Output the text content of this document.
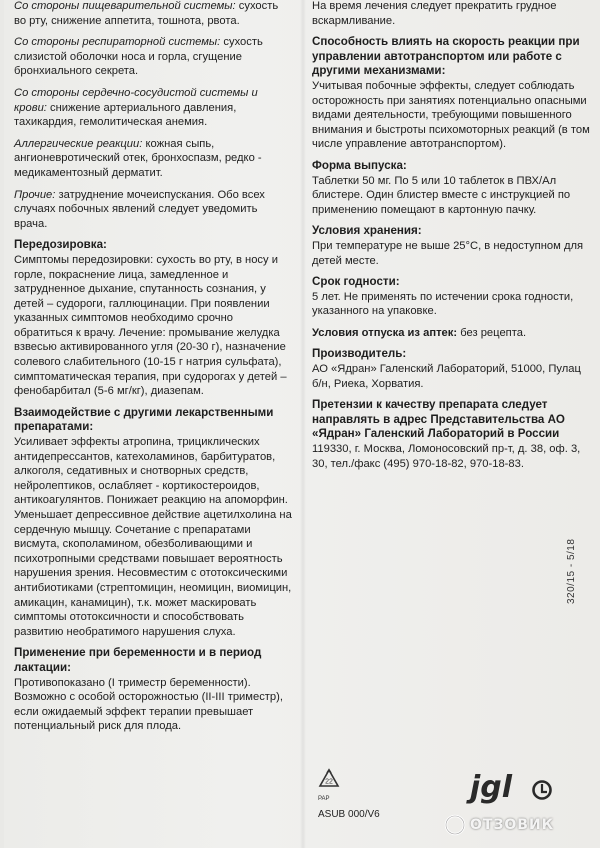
Со стороны пищеварительной системы: сухость во рту, снижение аппетита, тошнота, рвота.

Со стороны респираторной системы: сухость слизистой оболочки носа и горла, сгущение бронхиального секрета.

Со стороны сердечно-сосудистой системы и крови: снижение артериального давления, тахикардия, гемолитическая анемия.

Аллергические реакции: кожная сыпь, ангионевротический отек, бронхоспазм, редко - медикаментозный дерматит.

Прочие: затруднение мочеиспускания. Обо всех случаях побочных явлений следует уведомить врача.

Передозировка:

Симптомы передозировки: сухость во рту, в носу и горле, покраснение лица, замедленное и затрудненное дыхание, спутанность сознания, у детей – судороги, галлюцинации. При появлении указанных симптомов необходимо срочно обратиться к врачу. Лечение: промывание желудка взвесью активированного угля (20-30 г), назначение солевого слабительного (10-15 г натрия сульфата), симптоматическая терапия, при судорогах у детей – фенобарбитал (5-6 мг/кг), диазепам.

Взаимодействие с другими лекарственными препаратами:

Усиливает эффекты атропина, трициклических антидепрессантов, катехоламинов, барбитуратов, алкоголя, седативных и снотворных средств, нейролептиков, ослабляет - кортикостероидов, антикоагулянтов. Понижает реакцию на апоморфин. Уменьшает депрессивное действие ацетилхолина на сердечную мышцу. Сочетание с препаратами висмута, скополамином, обезболивающими и психотропными средствами повышает вероятность нарушения зрения. Несовместим с ототоксическими антибиотиками (стрептомицин, неомицин, виомицин, амикацин, канамицин), т.к. может маскировать симптомы ототоксичности и способствовать развитию необратимого нарушения слуха.

Применение при беременности и в период лактации:

Противопоказано (I триместр беременности). Возможно с особой осторожностью (II-III триместр), если ожидаемый эффект терапии превышает потенциальный риск для плода.

На время лечения следует прекратить грудное вскармливание.

Способность влиять на скорость реакции при управлении автотранспортом или работе с другими механизмами:

Учитывая побочные эффекты, следует соблюдать осторожность при занятиях потенциально опасными видами деятельности, требующими повышенного внимания и быстроты психомоторных реакций (в том числе управление автотранспортом).

Форма выпуска:

Таблетки 50 мг. По 5 или 10 таблеток в ПВХ/Ал блистере. Один блистер вместе с инструкцией по применению помещают в картонную пачку.

Условия хранения:

При температуре не выше 25°С, в недоступном для детей месте.

Срок годности:

5 лет. Не применять по истечении срока годности, указанного на упаковке.

Условия отпуска из аптек: без рецепта.

Производитель:

АО «Ядран» Галенский Лабораторий, 51000, Пулац б/н, Риека, Хорватия.

Претензии к качеству препарата следует направлять в адрес Представительства АО «Ядран» Галенский Лабораторий в России

119330, г. Москва, Ломоносовский пр-т, д. 38, оф. 3, 30, тел./факс (495) 970-18-82, 970-18-83.

320/15 - 5/18
22
PAP
ASUB 000/V6
jgl
ОТЗОВИК
